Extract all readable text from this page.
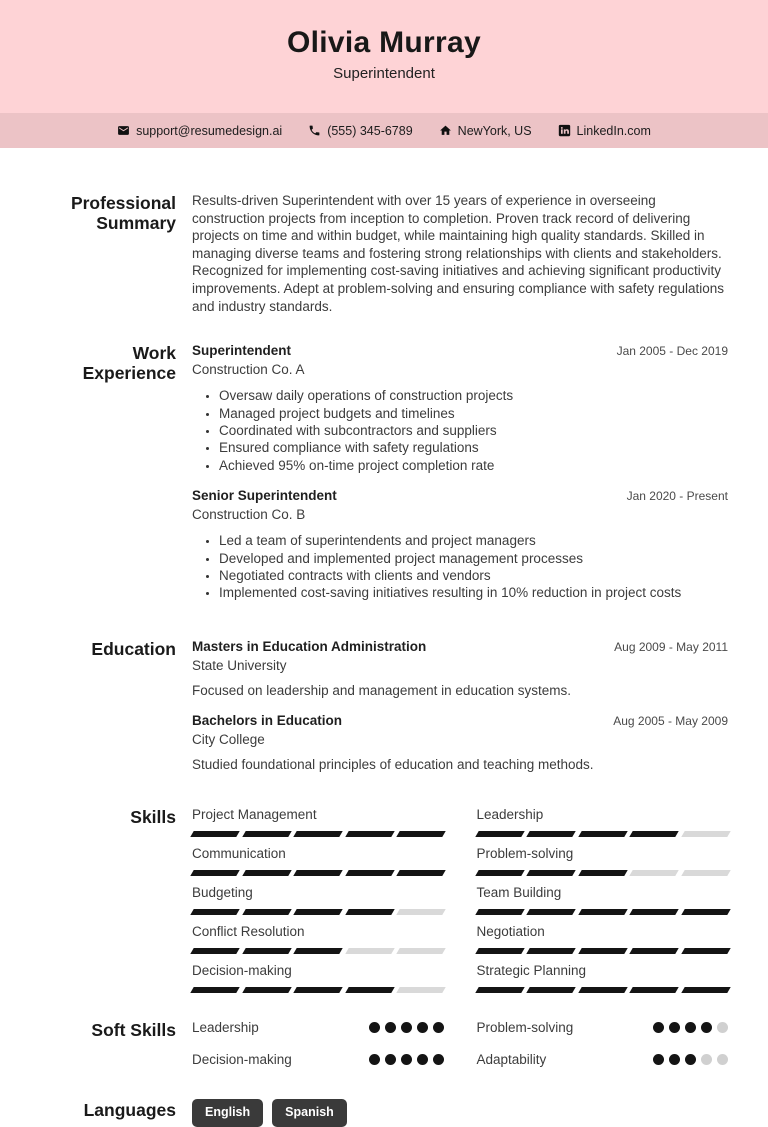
Olivia Murray
Superintendent
support@resumedesign.ai	(555) 345-6789	NewYork, US	LinkedIn.com
Professional Summary

Results-driven Superintendent with over 15 years of experience in overseeing construction projects from inception to completion. Proven track record of delivering projects on time and within budget, while maintaining high quality standards. Skilled in managing diverse teams and fostering strong relationships with clients and stakeholders. Recognized for implementing cost-saving initiatives and achieving significant productivity improvements. Adept at problem-solving and ensuring compliance with safety regulations and industry standards.

Work Experience
Superintendent
Construction Co. A
Jan 2005 - Dec 2019
• Oversaw daily operations of construction projects
• Managed project budgets and timelines
• Coordinated with subcontractors and suppliers
• Ensured compliance with safety regulations
• Achieved 95% on-time project completion rate
Senior Superintendent
Construction Co. B
Jan 2020 - Present
• Led a team of superintendents and project managers
• Developed and implemented project management processes
• Negotiated contracts with clients and vendors
• Implemented cost-saving initiatives resulting in 10% reduction in project costs
Education Masters in Education Administration
State University
Aug 2009 - May 2011

Focused on leadership and management in education systems.

Bachelors in Education
City College
Aug 2005 - May 2009

Studied foundational principles of education and teaching methods.

Skills Project Management	Leadership
Communication	Problem-solving
Budgeting	Team Building
Conflict Resolution	Negotiation
Decision-making	Strategic Planning
Soft Skills Leadership	Problem-solving
Decision-making	Adaptability
Languages	English	Spanish
